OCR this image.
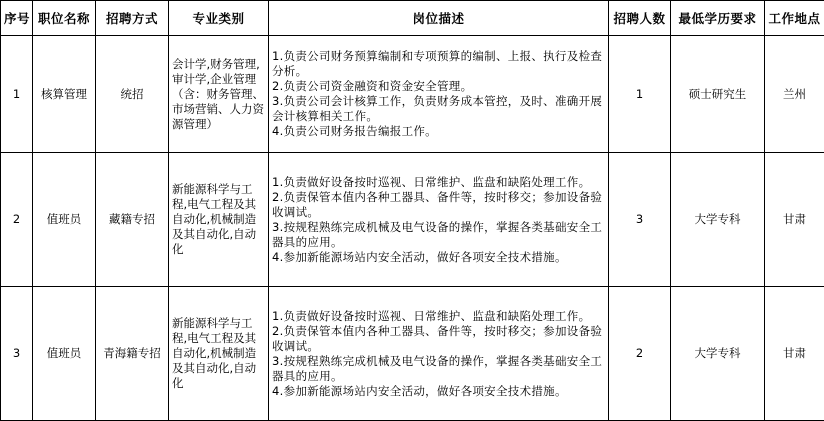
序号	职位名称	招聘方式	专业类别	岗位描述	招聘人数	最低学历要求	工作地点
1	核算管理	统招	会计学,财务管理,审计学,企业管理（含：财务管理、市场营销、人力资源管理）	1.负责公司财务预算编制和专项预算的编制、上报、执行及检查分析。
2.负责公司资金融资和资金安全管理。
3.负责公司会计核算工作，负责财务成本管控，及时、准确开展会计核算相关工作。
4.负责公司财务报告编报工作。	1	硕士研究生	兰州
2	值班员	藏籍专招	新能源科学与工程,电气工程及其自动化,机械制造及其自动化,自动化	1.负责做好设备按时巡视、日常维护、监盘和缺陷处理工作。
2.负责保管本值内各种工器具、备件等，按时移交；参加设备验收调试。
3.按规程熟练完成机械及电气设备的操作，掌握各类基础安全工器具的应用。
4.参加新能源场站内安全活动，做好各项安全技术措施。	3	大学专科	甘肃
3	值班员	青海籍专招	新能源科学与工程,电气工程及其自动化,机械制造及其自动化,自动化	1.负责做好设备按时巡视、日常维护、监盘和缺陷处理工作。
2.负责保管本值内各种工器具、备件等，按时移交；参加设备验收调试。
3.按规程熟练完成机械及电气设备的操作，掌握各类基础安全工器具的应用。
4.参加新能源场站内安全活动，做好各项安全技术措施。	2	大学专科	甘肃
